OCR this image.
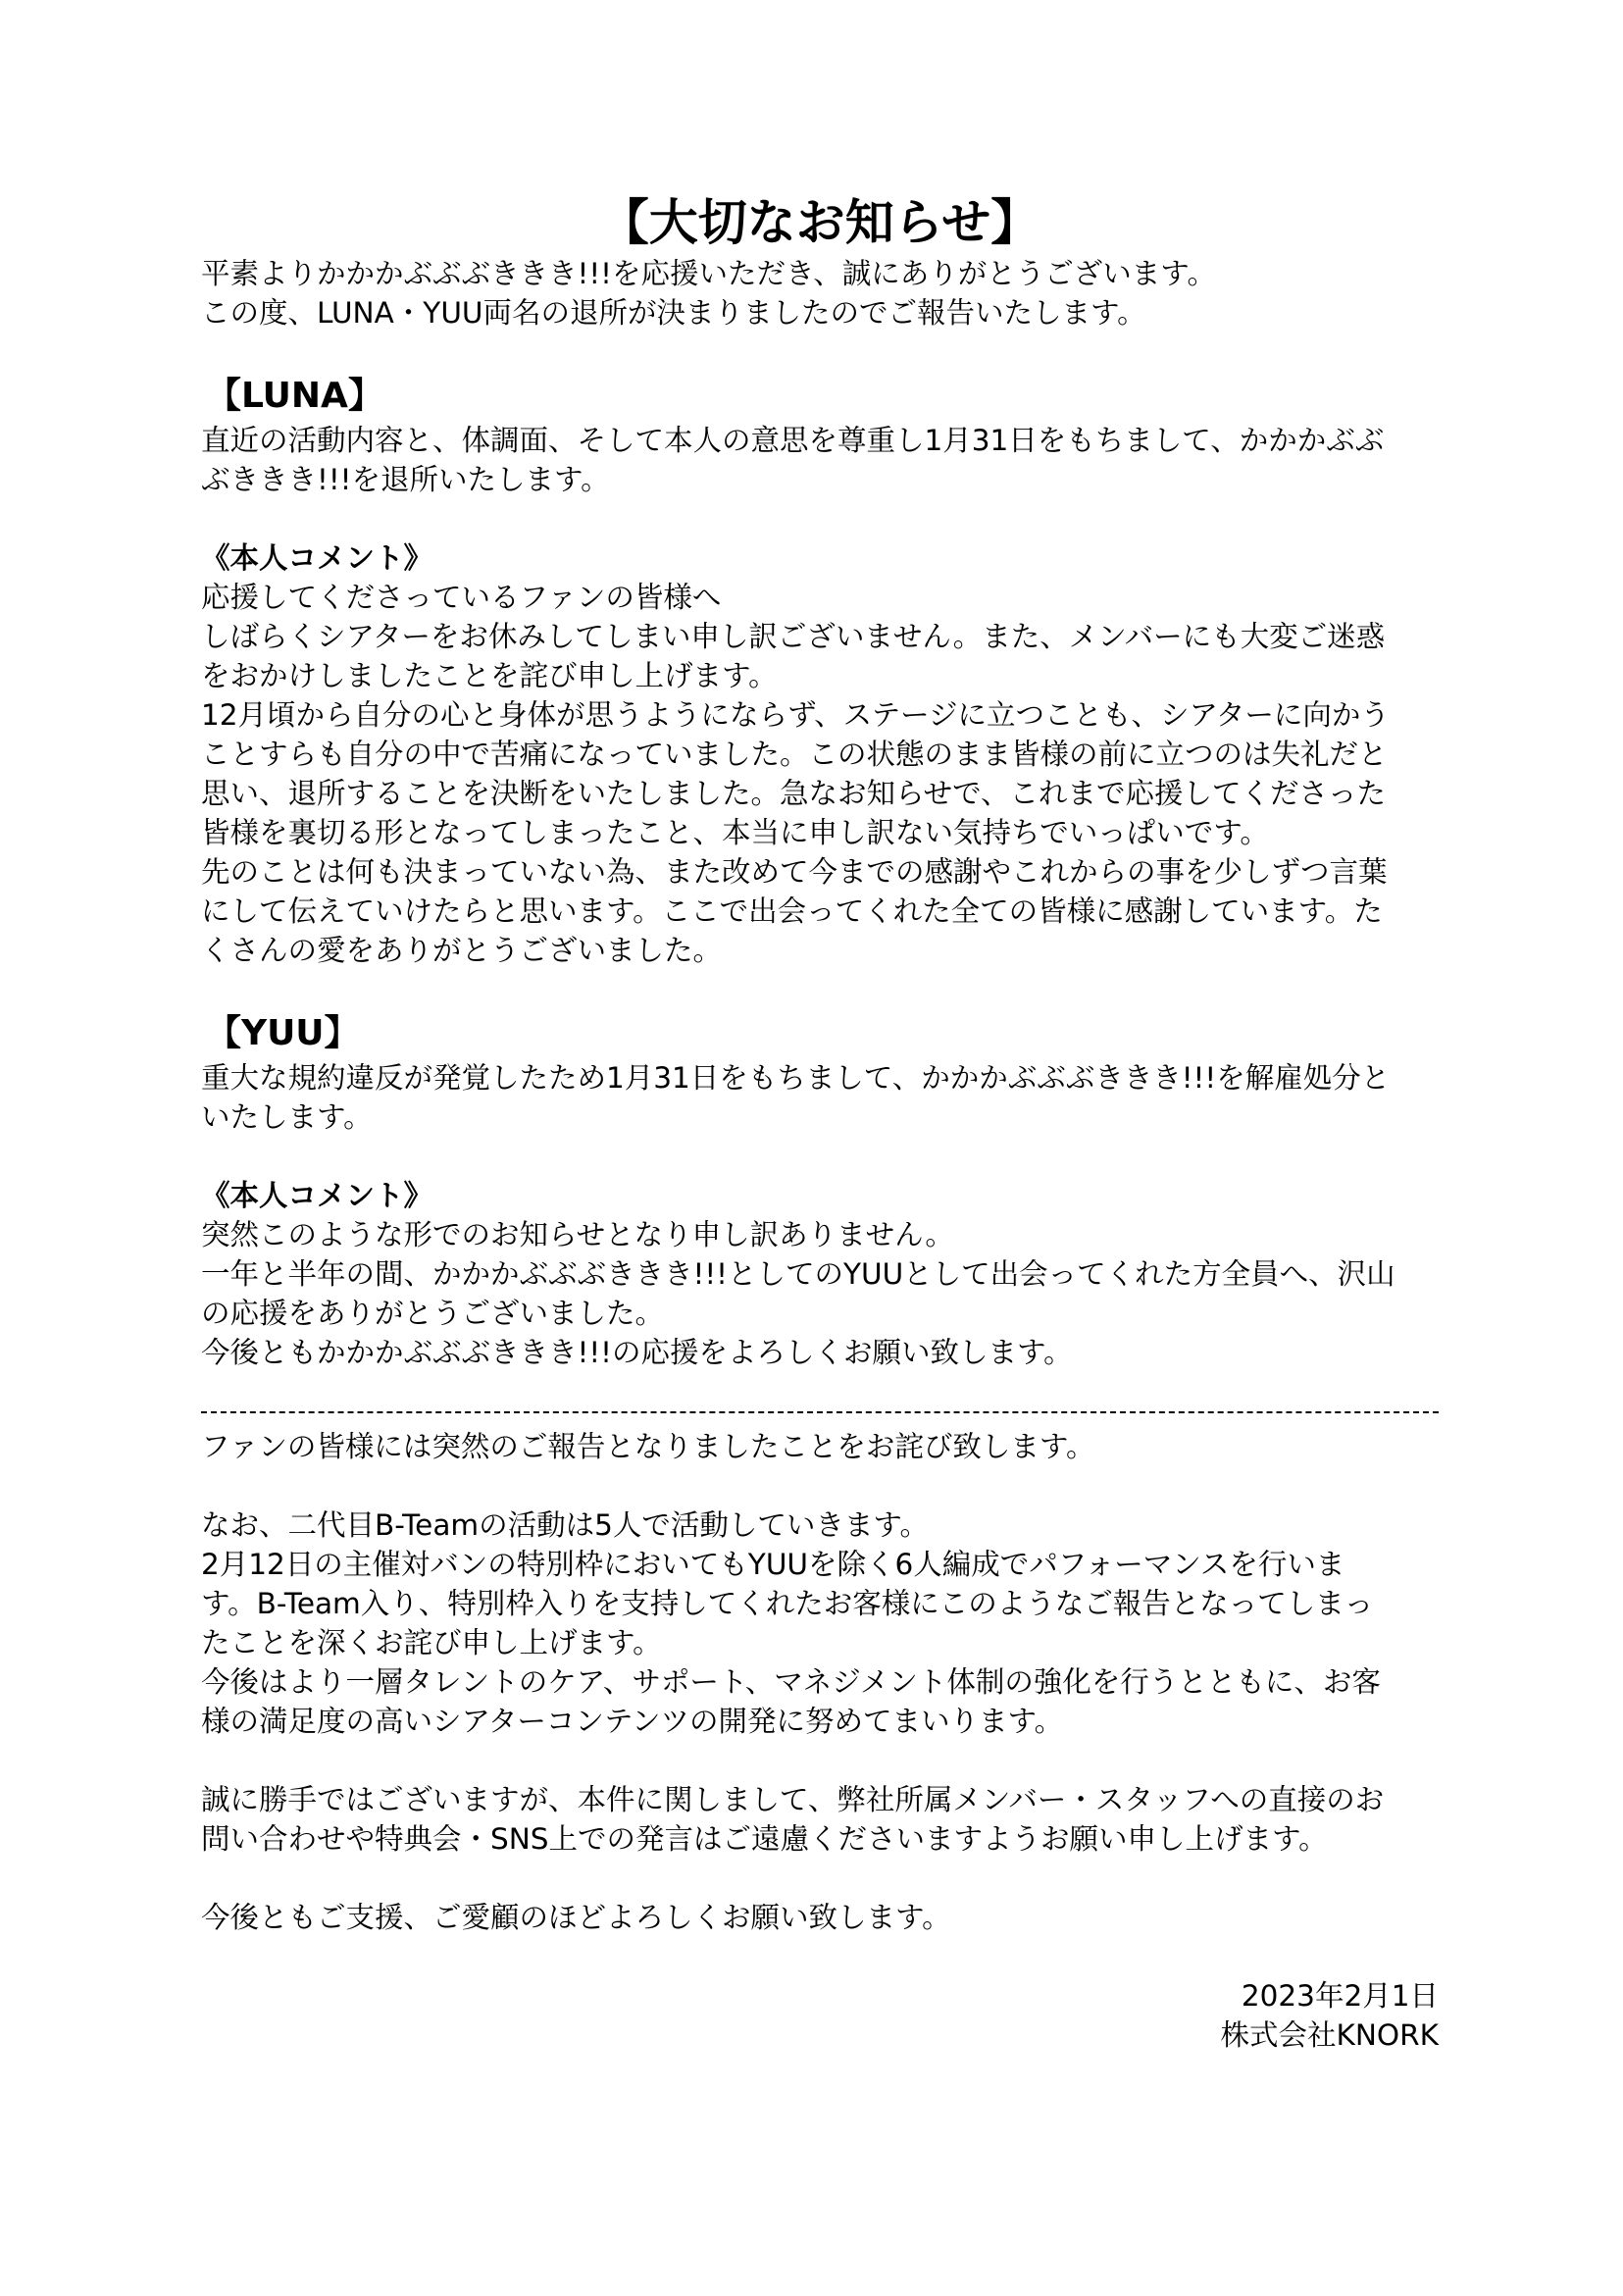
【大切なお知らせ】

平素よりかかかぶぶぶききき!!!を応援いただき、誠にありがとうございます。

この度、LUNA・YUU両名の退所が決まりましたのでご報告いたします。

【LUNA】

直近の活動内容と、体調面、そして本人の意思を尊重し1月31日をもちまして、かかかぶぶ

ぶききき!!!を退所いたします。

《本人コメント》

応援してくださっているファンの皆様へ

しばらくシアターをお休みしてしまい申し訳ございません。また、メンバーにも大変ご迷惑

をおかけしましたことを詫び申し上げます。

12月頃から自分の心と身体が思うようにならず、ステージに立つことも、シアターに向かう

ことすらも自分の中で苦痛になっていました。この状態のまま皆様の前に立つのは失礼だと

思い、退所することを決断をいたしました。急なお知らせで、これまで応援してくださった

皆様を裏切る形となってしまったこと、本当に申し訳ない気持ちでいっぱいです。

先のことは何も決まっていない為、また改めて今までの感謝やこれからの事を少しずつ言葉

にして伝えていけたらと思います。ここで出会ってくれた全ての皆様に感謝しています。た

くさんの愛をありがとうございました。

【YUU】

重大な規約違反が発覚したため1月31日をもちまして、かかかぶぶぶききき!!!を解雇処分と

いたします。

《本人コメント》

突然このような形でのお知らせとなり申し訳ありません。

一年と半年の間、かかかぶぶぶききき!!!としてのYUUとして出会ってくれた方全員へ、沢山

の応援をありがとうございました。

今後ともかかかぶぶぶききき!!!の応援をよろしくお願い致します。

ファンの皆様には突然のご報告となりましたことをお詫び致します。

なお、二代目B-Teamの活動は5人で活動していきます。

2月12日の主催対バンの特別枠においてもYUUを除く6人編成でパフォーマンスを行いま

す。B-Team入り、特別枠入りを支持してくれたお客様にこのようなご報告となってしまっ

たことを深くお詫び申し上げます。

今後はより一層タレントのケア、サポート、マネジメント体制の強化を行うとともに、お客

様の満足度の高いシアターコンテンツの開発に努めてまいります。

誠に勝手ではございますが、本件に関しまして、弊社所属メンバー・スタッフへの直接のお

問い合わせや特典会・SNS上での発言はご遠慮くださいますようお願い申し上げます。

今後ともご支援、ご愛顧のほどよろしくお願い致します。

2023年2月1日

株式会社KNORK
